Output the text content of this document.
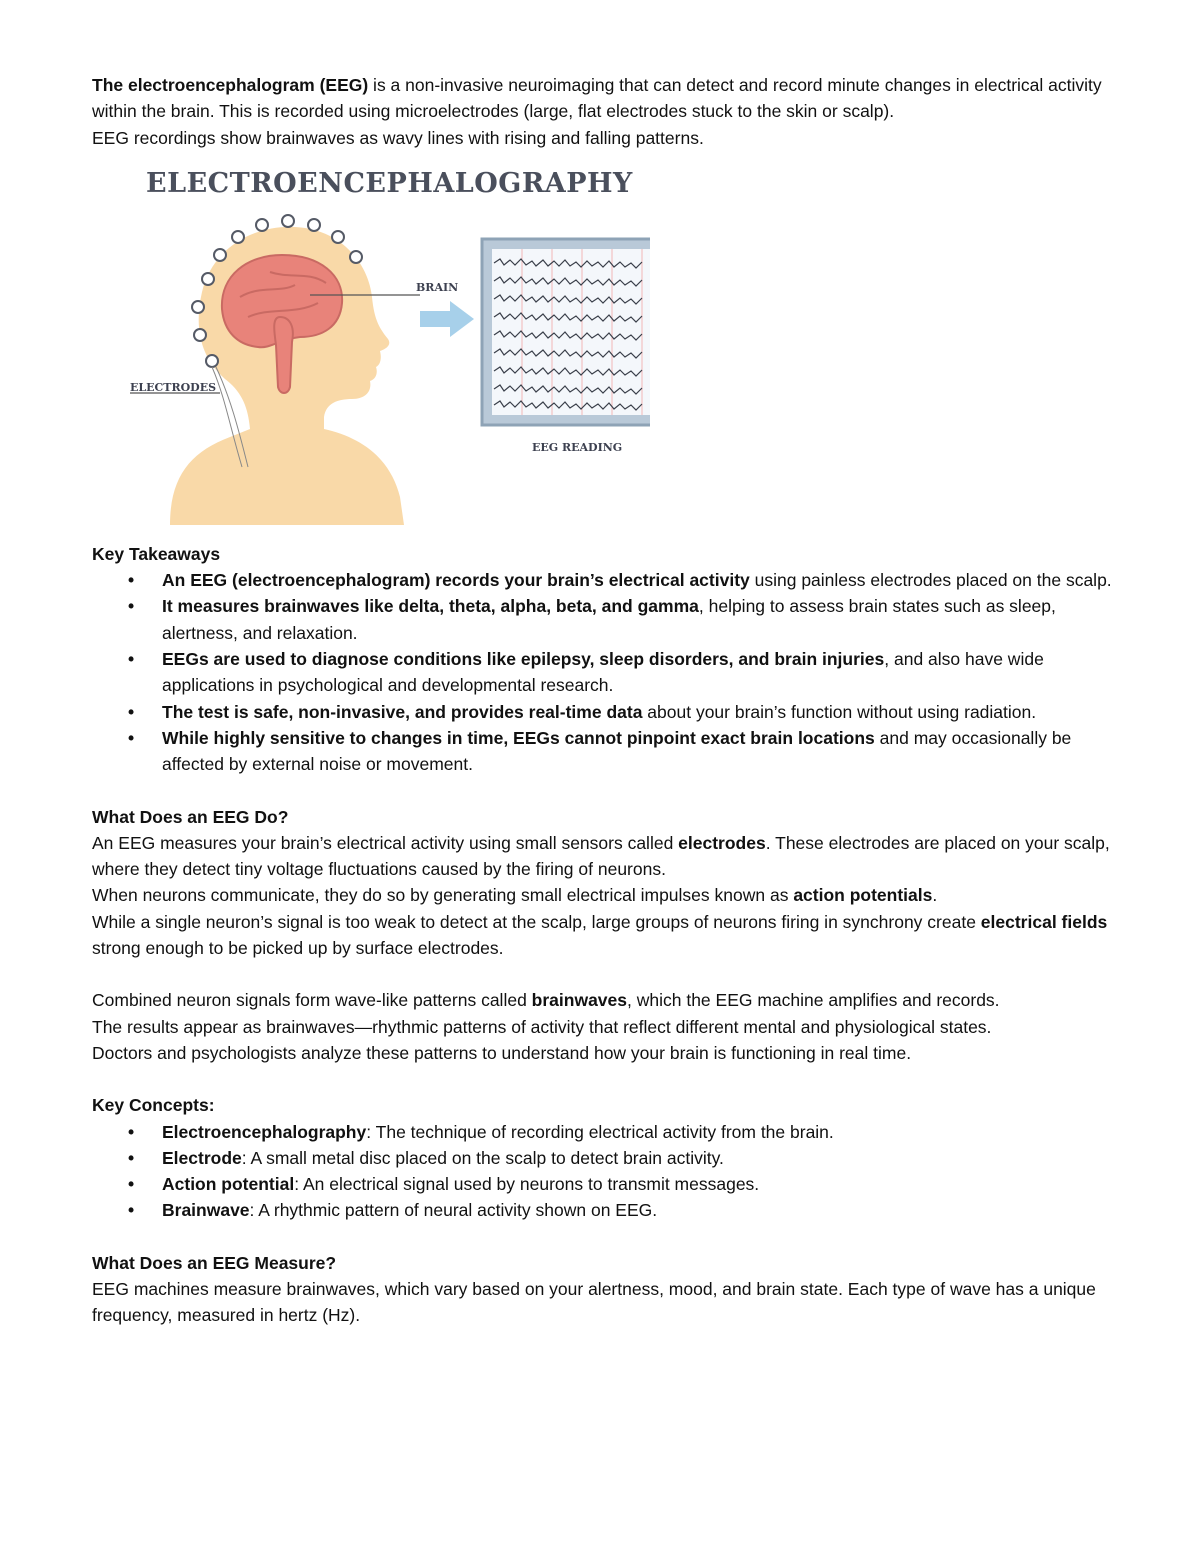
The electroencephalogram (EEG) is a non-invasive neuroimaging that can detect and record minute changes in electrical activity within the brain. This is recorded using microelectrodes (large, flat electrodes stuck to the skin or scalp).

EEG recordings show brainwaves as wavy lines with rising and falling patterns.

ELECTROENCEPHALOGRAPHY
BRAIN
ELECTRODES
EEG READING

Key Takeaways

• An EEG (electroencephalogram) records your brain’s electrical activity using painless electrodes placed on the scalp.
• It measures brainwaves like delta, theta, alpha, beta, and gamma, helping to assess brain states such as sleep, alertness, and relaxation.
• EEGs are used to diagnose conditions like epilepsy, sleep disorders, and brain injuries, and also have wide applications in psychological and developmental research.
• The test is safe, non-invasive, and provides real-time data about your brain’s function without using radiation.
• While highly sensitive to changes in time, EEGs cannot pinpoint exact brain locations and may occasionally be affected by external noise or movement.

What Does an EEG Do?

An EEG measures your brain’s electrical activity using small sensors called electrodes. These electrodes are placed on your scalp, where they detect tiny voltage fluctuations caused by the firing of neurons.

When neurons communicate, they do so by generating small electrical impulses known as action potentials.

While a single neuron’s signal is too weak to detect at the scalp, large groups of neurons firing in synchrony create electrical fields strong enough to be picked up by surface electrodes.

Combined neuron signals form wave-like patterns called brainwaves, which the EEG machine amplifies and records.

The results appear as brainwaves—rhythmic patterns of activity that reflect different mental and physiological states.

Doctors and psychologists analyze these patterns to understand how your brain is functioning in real time.

Key Concepts:

• Electroencephalography: The technique of recording electrical activity from the brain.
• Electrode: A small metal disc placed on the scalp to detect brain activity.
• Action potential: An electrical signal used by neurons to transmit messages.
• Brainwave: A rhythmic pattern of neural activity shown on EEG.

What Does an EEG Measure?

EEG machines measure brainwaves, which vary based on your alertness, mood, and brain state. Each type of wave has a unique frequency, measured in hertz (Hz).
